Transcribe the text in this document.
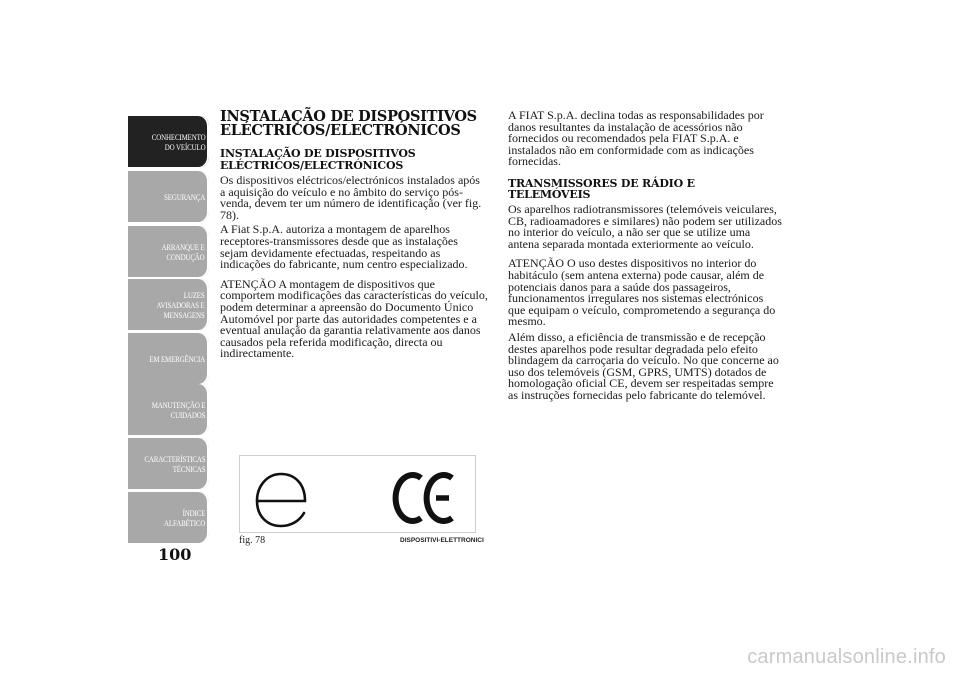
CONHECIMENTO
DO VEÍCULO
SEGURANÇA
ARRANQUE E
CONDUÇÃO
LUZES
AVISADORAS E
MENSAGENS
EM EMERGÊNCIA
MANUTENÇÃO E
CUIDADOS
CARACTERÍSTICAS
TÉCNICAS
ÍNDICE
ALFABÉTICO
100
INSTALAÇÃO DE DISPOSITIVOS
ELÉCTRICOS/ELECTRÓNICOS
INSTALAÇÃO DE DISPOSITIVOS
ELÉCTRICOS/ELECTRÓNICOS

Os dispositivos eléctricos/electrónicos instalados após a aquisição do veículo e no âmbito do serviço pós-venda, devem ter um número de identificação (ver fig. 78).

A Fiat S.p.A. autoriza a montagem de aparelhos receptores-transmissores desde que as instalações sejam devidamente efectuadas, respeitando as indicações do fabricante, num centro especializado.

ATENÇÃO A montagem de dispositivos que comportem modificações das características do veículo, podem determinar a apreensão do Documento Único Automóvel por parte das autoridades competentes e a eventual anulação da garantia relativamente aos danos causados pela referida modificação, directa ou indirectamente.

A FIAT S.p.A. declina todas as responsabilidades por danos resultantes da instalação de acessórios não fornecidos ou recomendados pela FIAT S.p.A. e instalados não em conformidade com as indicações fornecidas.

TRANSMISSORES DE RÁDIO E
TELEMÓVEIS

Os aparelhos radiotransmissores (telemóveis veiculares, CB, radioamadores e similares) não podem ser utilizados no interior do veículo, a não ser que se utilize uma antena separada montada exteriormente ao veículo.

ATENÇÃO O uso destes dispositivos no interior do habitáculo (sem antena externa) pode causar, além de potenciais danos para a saúde dos passageiros, funcionamentos irregulares nos sistemas electrónicos que equipam o veículo, comprometendo a segurança do mesmo.

Além disso, a eficiência de transmissão e de recepção destes aparelhos pode resultar degradada pelo efeito blindagem da carroçaria do veículo. No que concerne ao uso dos telemóveis (GSM, GPRS, UMTS) dotados de homologação oficial CE, devem ser respeitadas sempre as instruções fornecidas pelo fabricante do telemóvel.

fig. 78	DISPOSITIVI-ELETTRONICI
carmanualsonline.info
